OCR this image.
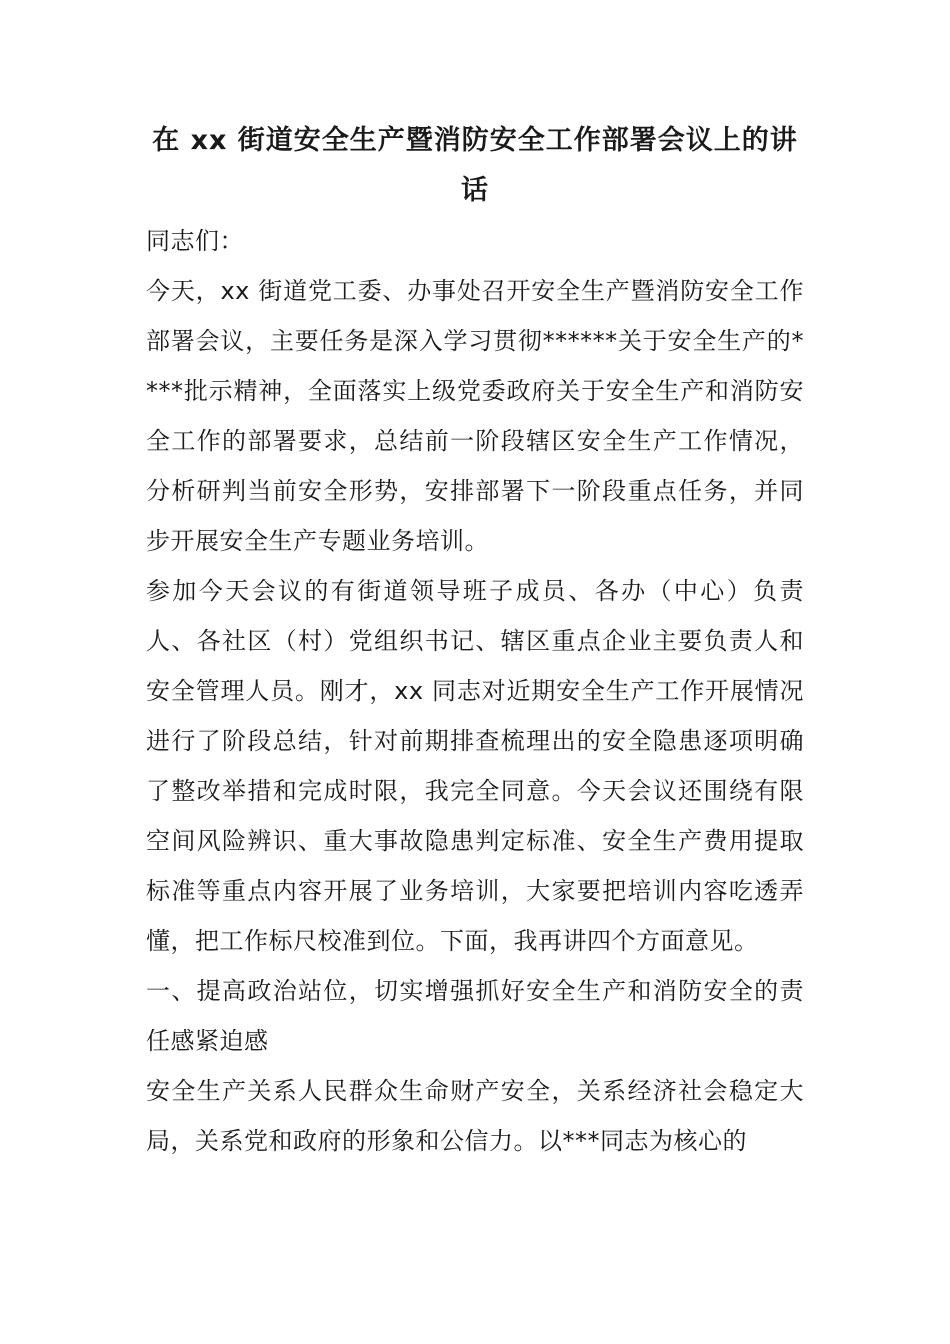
在 xx 街道安全生产暨消防安全工作部署会议上的讲话

同志们：

今天，xx 街道党工委、办事处召开安全生产暨消防安全工作部署会议，主要任务是深入学习贯彻******关于安全生产的****批示精神，全面落实上级党委政府关于安全生产和消防安全工作的部署要求，总结前一阶段辖区安全生产工作情况，分析研判当前安全形势，安排部署下一阶段重点任务，并同步开展安全生产专题业务培训。

参加今天会议的有街道领导班子成员、各办（中心）负责人、各社区（村）党组织书记、辖区重点企业主要负责人和安全管理人员。刚才，xx 同志对近期安全生产工作开展情况进行了阶段总结，针对前期排查梳理出的安全隐患逐项明确了整改举措和完成时限，我完全同意。今天会议还围绕有限空间风险辨识、重大事故隐患判定标准、安全生产费用提取标准等重点内容开展了业务培训，大家要把培训内容吃透弄懂，把工作标尺校准到位。下面，我再讲四个方面意见。

一、提高政治站位，切实增强抓好安全生产和消防安全的责任感紧迫感

安全生产关系人民群众生命财产安全，关系经济社会稳定大局，关系党和政府的形象和公信力。以***同志为核心的
